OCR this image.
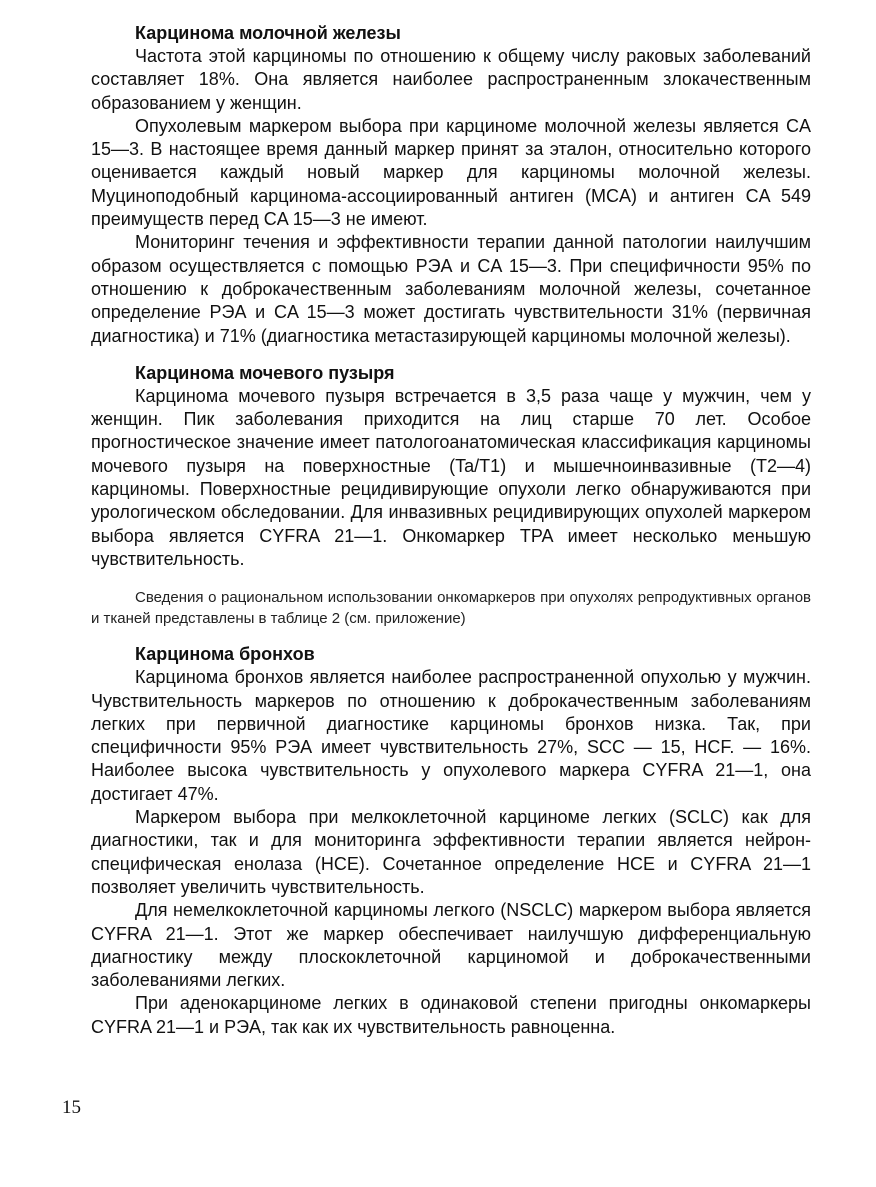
Карцинома молочной железы

Частота этой карциномы по отношению к общему числу раковых заболеваний составляет 18%. Она является наиболее распространенным злокачественным образованием у женщин.

Опухолевым маркером выбора при карциноме молочной железы является CA 15—3. В настоящее время данный маркер принят за эталон, относительно которого оценивается каждый новый маркер для карциномы молочной железы. Муциноподобный карцинома-ассоциированный антиген (MCA) и антиген CA 549 преимуществ перед CA 15—3 не имеют.

Мониторинг течения и эффективности терапии данной патологии наилучшим образом осуществляется с помощью РЭА и CA 15—3. При специфичности 95% по отношению к доброкачественным заболеваниям молочной железы, сочетанное определение РЭА и CA 15—3 может достигать чувствительности 31% (первичная диагностика) и 71% (диагностика метастазирующей карциномы молочной железы).

Карцинома мочевого пузыря

Карцинома мочевого пузыря встречается в 3,5 раза чаще у мужчин, чем у женщин. Пик заболевания приходится на лиц старше 70 лет. Особое прогностическое значение имеет патологоанатомическая классификация карциномы мочевого пузыря на поверхностные (Ta/T1) и мышечноинвазивные (T2—4) карциномы. Поверхностные рецидивирующие опухоли легко обнаруживаются при урологическом обследовании. Для инвазивных рецидивирующих опухолей маркером выбора является CYFRA 21—1. Онкомаркер TPA имеет несколько меньшую чувствительность.

Сведения о рациональном использовании онкомаркеров при опухолях репродуктивных органов и тканей представлены в таблице 2 (см. приложение)

Карцинома бронхов

Карцинома бронхов является наиболее распространенной опухолью у мужчин. Чувствительность маркеров по отношению к доброкачественным заболеваниям легких при первичной диагностике карциномы бронхов низка. Так, при специфичности 95% РЭА имеет чувствительность 27%, SCC — 15, HCF. — 16%. Наиболее высока чувствительность у опухолевого маркера CYFRA 21—1, она достигает 47%.

Маркером выбора при мелкоклеточной карциноме легких (SCLC) как для диагностики, так и для мониторинга эффективности терапии является нейрон-специфическая енолаза (НСЕ). Сочетанное определение НСЕ и CYFRA 21—1 позволяет увеличить чувствительность.

Для немелкоклеточной карциномы легкого (NSCLC) маркером выбора является CYFRA 21—1. Этот же маркер обеспечивает наилучшую дифференциальную диагностику между плоскоклеточной карциномой и доброкачественными заболеваниями легких.

При аденокарциноме легких в одинаковой степени пригодны онкомаркеры CYFRA 21—1 и РЭА, так как их чувствительность равноценна.

15
